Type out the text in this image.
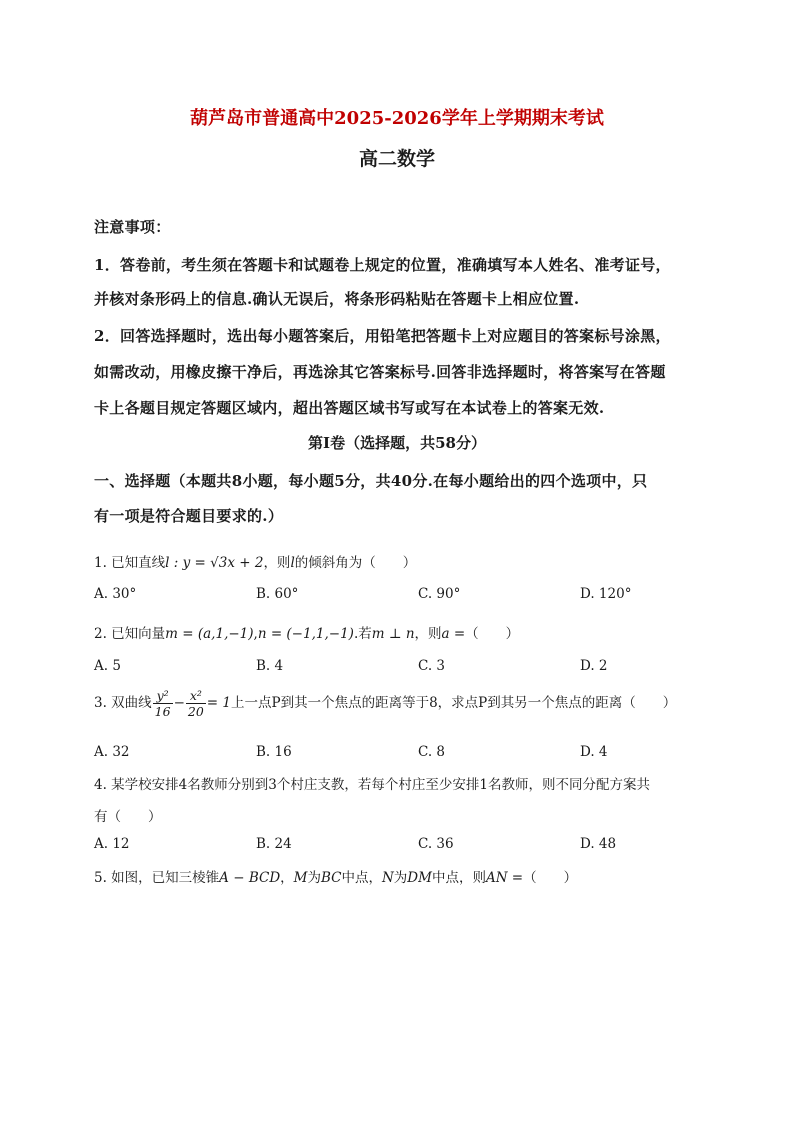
葫芦岛市普通高中2025-2026学年上学期期末考试
高二数学
注意事项：
1．答卷前，考生须在答题卡和试题卷上规定的位置，准确填写本人姓名、准考证号，
并核对条形码上的信息.确认无误后，将条形码粘贴在答题卡上相应位置.
2．回答选择题时，选出每小题答案后，用铅笔把答题卡上对应题目的答案标号涂黑，
如需改动，用橡皮擦干净后，再选涂其它答案标号.回答非选择题时，将答案写在答题
卡上各题目规定答题区域内，超出答题区域书写或写在本试卷上的答案无效.
第Ⅰ卷（选择题，共58分）
一、选择题（本题共8小题，每小题5分，共40分.在每小题给出的四个选项中，只
有一项是符合题目要求的.）
1. 已知直线l : y = √3x + 2，则l的倾斜角为（　　）
A. 30°	B. 60°	C. 90°	D. 120°
2. 已知向量m = (a,1,−1),n = (−1,1,−1).若m ⊥ n，则a =（　　）
A. 5	B. 4	C. 3	D. 2
3. 双曲线 $\frac{\text{y²}}{16} - \frac{\text{x²}}{20} = 1$上一点P到其一个焦点的距离等于8，求点P到其另一个焦点的距离（　　）
A. 32	B. 16	C. 8	D. 4
4. 某学校安排4名教师分别到3个村庄支教，若每个村庄至少安排1名教师，则不同分配方案共
有（　　）
A. 12	B. 24	C. 36	D. 48
5. 如图，已知三棱锥A − BCD，M为BC中点，N为DM中点，则AN =（　　）
